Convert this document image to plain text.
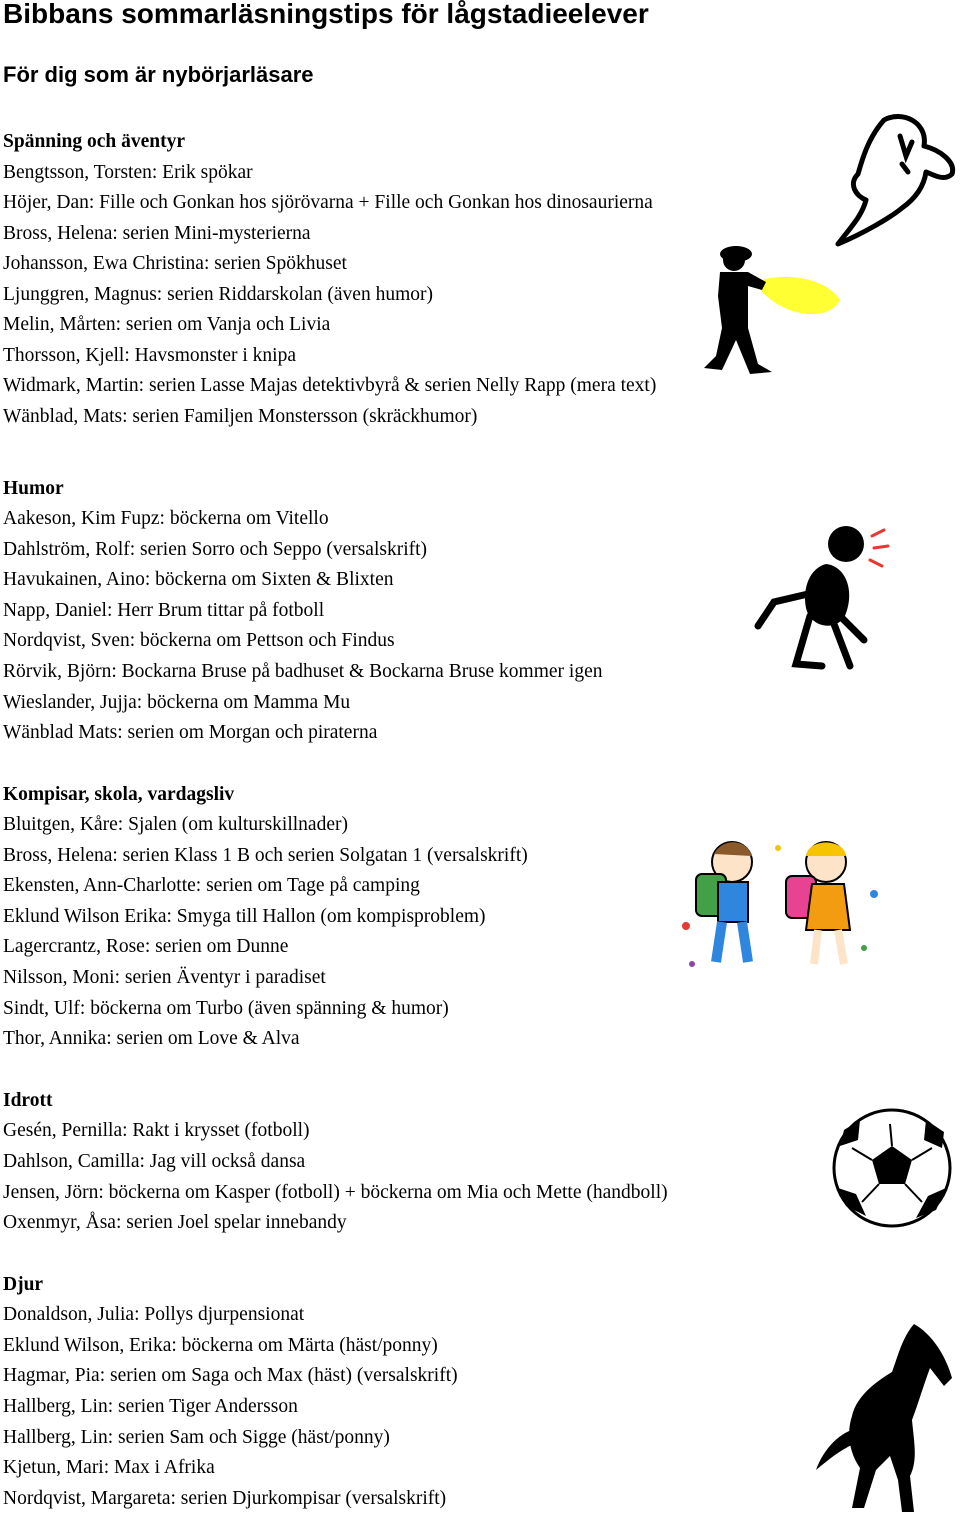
Bibbans sommarläsningstips för lågstadieelever
För dig som är nybörjarläsare

Spänning och äventyr

Bengtsson, Torsten: Erik spökar

Höjer, Dan: Fille och Gonkan hos sjörövarna + Fille och Gonkan hos dinosaurierna

Bross, Helena: serien Mini-mysterierna

Johansson, Ewa Christina: serien Spökhuset

Ljunggren, Magnus: serien Riddarskolan (även humor)

Melin, Mårten: serien om Vanja och Livia

Thorsson, Kjell: Havsmonster i knipa

Widmark, Martin: serien Lasse Majas detektivbyrå & serien Nelly Rapp (mera text)

Wänblad, Mats: serien Familjen Monstersson (skräckhumor)

Humor

Aakeson, Kim Fupz: böckerna om Vitello

Dahlström, Rolf: serien Sorro och Seppo (versalskrift)

Havukainen, Aino: böckerna om Sixten & Blixten

Napp, Daniel: Herr Brum tittar på fotboll

Nordqvist, Sven: böckerna om Pettson och Findus

Rörvik, Björn: Bockarna Bruse på badhuset & Bockarna Bruse kommer igen

Wieslander, Jujja: böckerna om Mamma Mu

Wänblad Mats: serien om Morgan och piraterna

Kompisar, skola, vardagsliv

Bluitgen, Kåre: Sjalen (om kulturskillnader)

Bross, Helena: serien Klass 1 B och serien Solgatan 1 (versalskrift)

Ekensten, Ann-Charlotte: serien om Tage på camping

Eklund Wilson Erika: Smyga till Hallon (om kompisproblem)

Lagercrantz, Rose: serien om Dunne

Nilsson, Moni: serien Äventyr i paradiset

Sindt, Ulf: böckerna om Turbo (även spänning & humor)

Thor, Annika: serien om Love & Alva

Idrott

Gesén, Pernilla: Rakt i krysset (fotboll)

Dahlson, Camilla: Jag vill också dansa

Jensen, Jörn: böckerna om Kasper (fotboll) + böckerna om Mia och Mette (handboll)

Oxenmyr, Åsa: serien Joel spelar innebandy

Djur

Donaldson, Julia: Pollys djurpensionat

Eklund Wilson, Erika: böckerna om Märta (häst/ponny)

Hagmar, Pia: serien om Saga och Max (häst) (versalskrift)

Hallberg, Lin: serien Tiger Andersson

Hallberg, Lin: serien Sam och Sigge (häst/ponny)

Kjetun, Mari: Max i Afrika

Nordqvist, Margareta: serien Djurkompisar (versalskrift)
